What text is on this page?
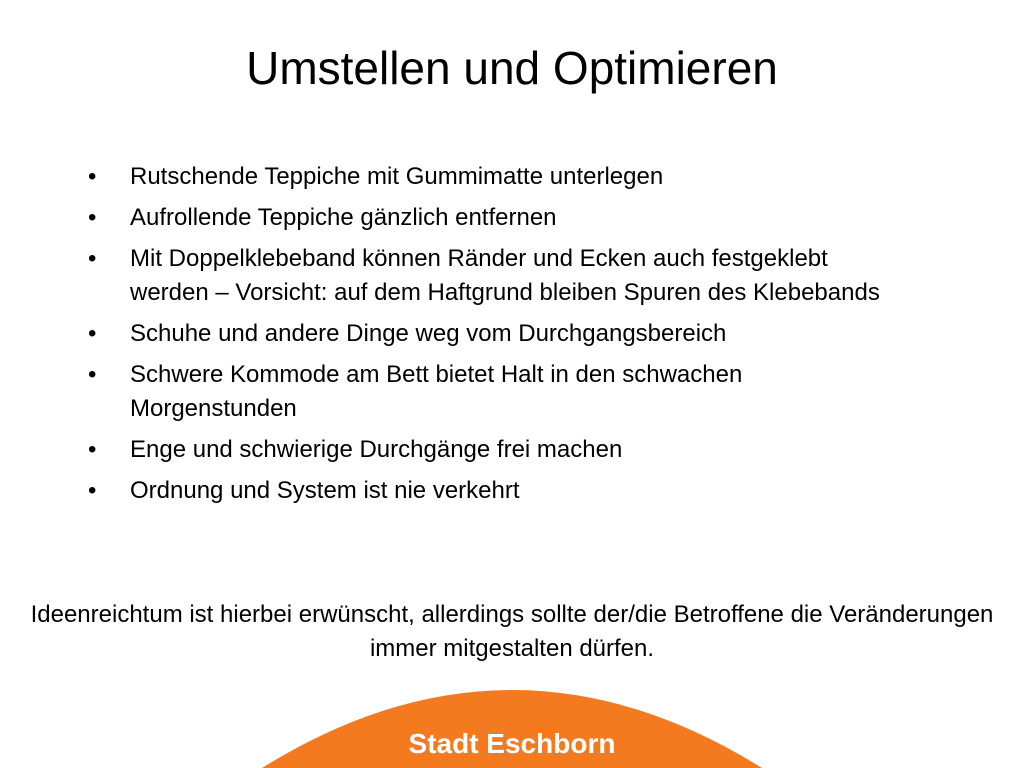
Umstellen und Optimieren
•	Rutschende Teppiche mit Gummimatte unterlegen
•	Aufrollende Teppiche gänzlich entfernen
•	Mit Doppelklebeband können Ränder und Ecken auch festgeklebt werden – Vorsicht: auf dem Haftgrund bleiben Spuren des Klebebands
•	Schuhe und andere Dinge weg vom Durchgangsbereich
•	Schwere Kommode am Bett bietet Halt in den schwachen Morgenstunden
•	Enge und schwierige Durchgänge frei machen
•	Ordnung und System ist nie verkehrt
Ideenreichtum ist hierbei erwünscht, allerdings sollte der/die Betroffene die Veränderungen immer mitgestalten dürfen.
Stadt Eschborn
